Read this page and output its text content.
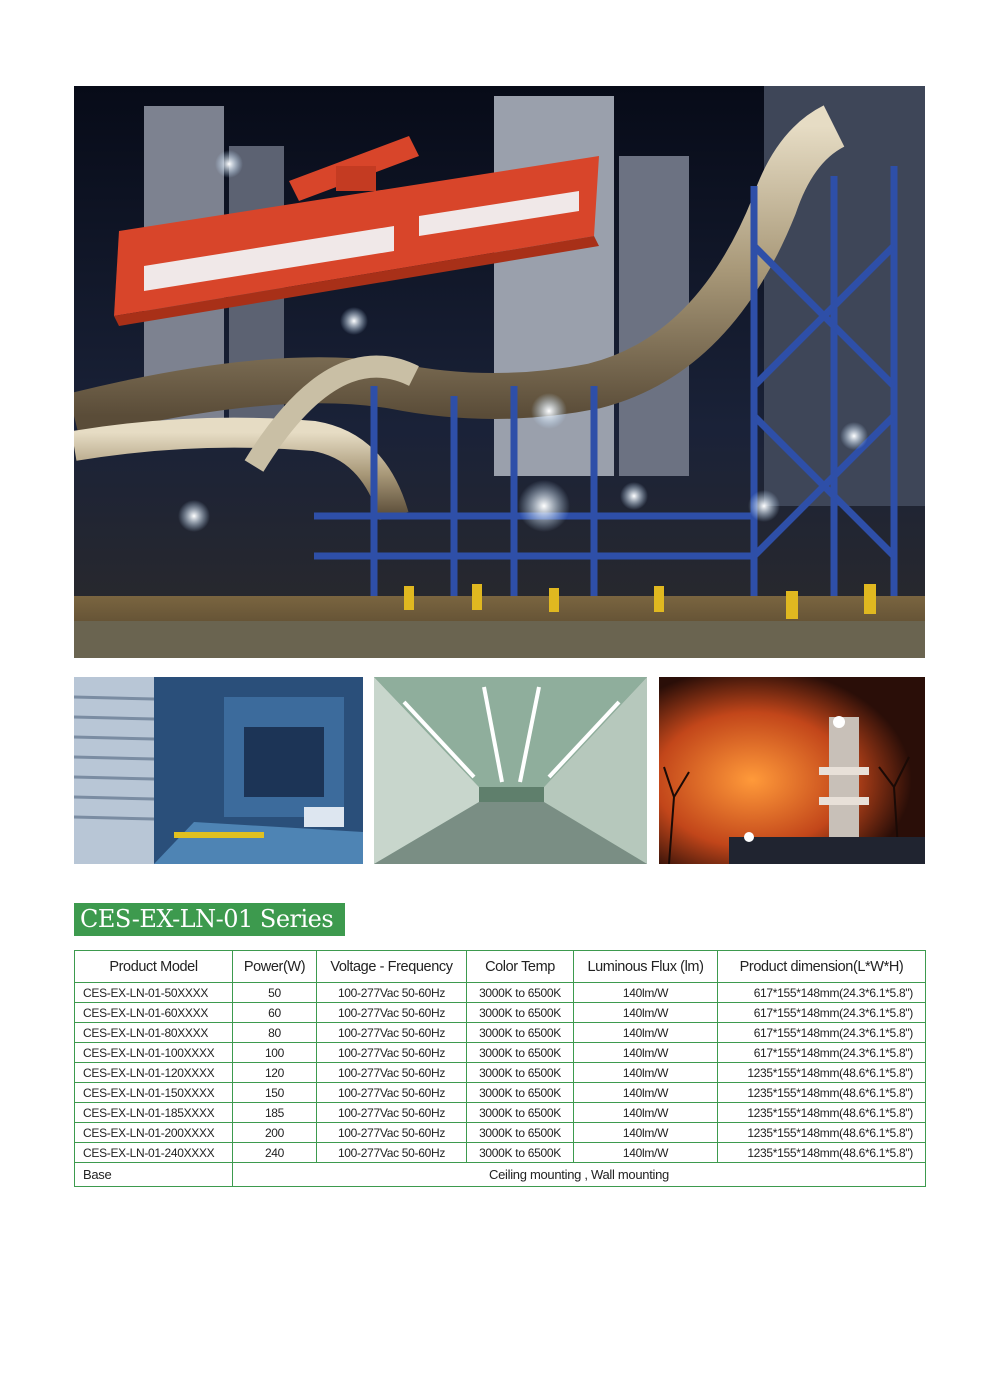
CES-EX-LN-01 Series
Product Model	Power(W)	Voltage - Frequency	Color Temp	Luminous Flux (lm)	Product dimension(L*W*H)
CES-EX-LN-01-50XXXX	50	100-277Vac 50-60Hz	3000K to 6500K	140lm/W	617*155*148mm(24.3*6.1*5.8")
CES-EX-LN-01-60XXXX	60	100-277Vac 50-60Hz	3000K to 6500K	140lm/W	617*155*148mm(24.3*6.1*5.8")
CES-EX-LN-01-80XXXX	80	100-277Vac 50-60Hz	3000K to 6500K	140lm/W	617*155*148mm(24.3*6.1*5.8")
CES-EX-LN-01-100XXXX	100	100-277Vac 50-60Hz	3000K to 6500K	140lm/W	617*155*148mm(24.3*6.1*5.8")
CES-EX-LN-01-120XXXX	120	100-277Vac 50-60Hz	3000K to 6500K	140lm/W	1235*155*148mm(48.6*6.1*5.8")
CES-EX-LN-01-150XXXX	150	100-277Vac 50-60Hz	3000K to 6500K	140lm/W	1235*155*148mm(48.6*6.1*5.8")
CES-EX-LN-01-185XXXX	185	100-277Vac 50-60Hz	3000K to 6500K	140lm/W	1235*155*148mm(48.6*6.1*5.8")
CES-EX-LN-01-200XXXX	200	100-277Vac 50-60Hz	3000K to 6500K	140lm/W	1235*155*148mm(48.6*6.1*5.8")
CES-EX-LN-01-240XXXX	240	100-277Vac 50-60Hz	3000K to 6500K	140lm/W	1235*155*148mm(48.6*6.1*5.8")
Base	Ceiling mounting , Wall mounting				
